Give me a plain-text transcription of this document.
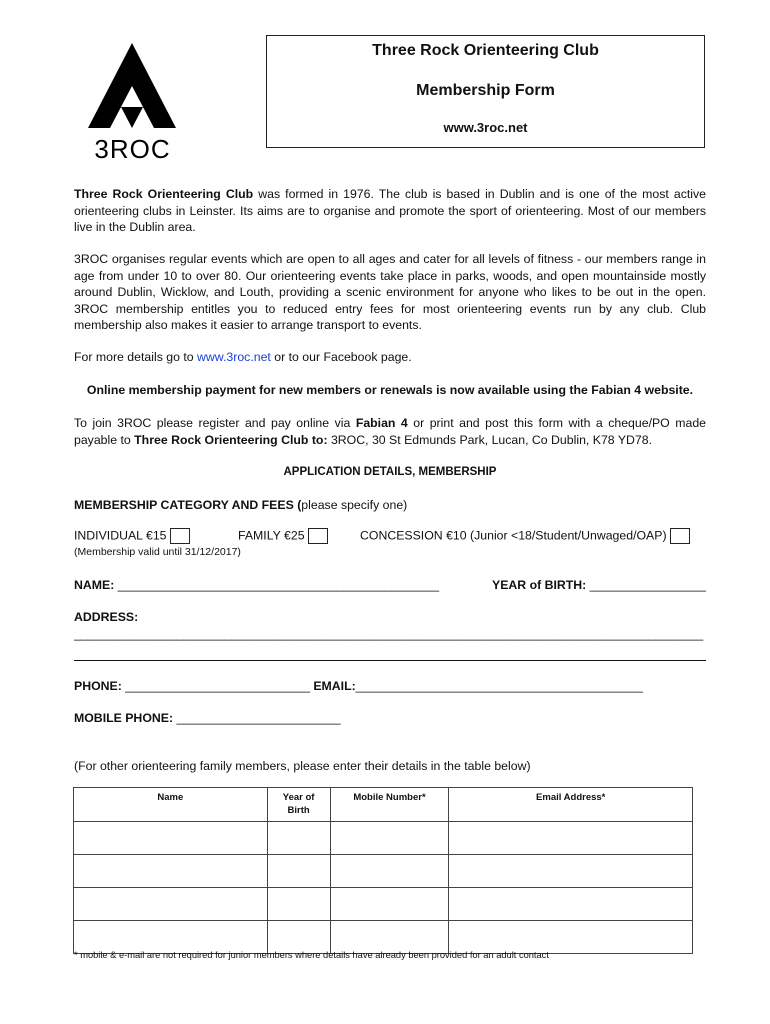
3ROC
Three Rock Orienteering Club
Membership Form
www.3roc.net
Three Rock Orienteering Club was formed in 1976. The club is based in Dublin and is one of the most active orienteering clubs in Leinster. Its aims are to organise and promote the sport of orienteering. Most of our members live in the Dublin area.
3ROC organises regular events which are open to all ages and cater for all levels of fitness - our members range in age from under 10 to over 80. Our orienteering events take place in parks, woods, and open mountainside mostly around Dublin, Wicklow, and Louth, providing a scenic environment for anyone who likes to be out in the open. 3ROC membership entitles you to reduced entry fees for most orienteering events run by any club. Club membership also makes it easier to arrange transport to events.
For more details go to www.3roc.net or to our Facebook page.
Online membership payment for new members or renewals is now available using the Fabian 4 website.
To join 3ROC please register and pay online via Fabian 4 or print and post this form with a cheque/PO made payable to Three Rock Orienteering Club to: 3ROC, 30 St Edmunds Park, Lucan, Co Dublin, K78 YD78.
APPLICATION DETAILS, MEMBERSHIP
MEMBERSHIP CATEGORY AND FEES (please specify one)
INDIVIDUAL €15	FAMILY €25	CONCESSION €10 (Junior <18/Student/Unwaged/OAP)
(Membership valid until 31/12/2017)
NAME: _______________________________________________	YEAR of BIRTH: _________________
ADDRESS:
____________________________________________________________________________________________
PHONE: ___________________________ EMAIL:__________________________________________
MOBILE PHONE: ________________________
(For other orienteering family members, please enter their details in the table below)
Name	Year of Birth	Mobile Number*	Email Address*

* mobile & e-mail are not required for junior members where details have already been provided for an adult contact
